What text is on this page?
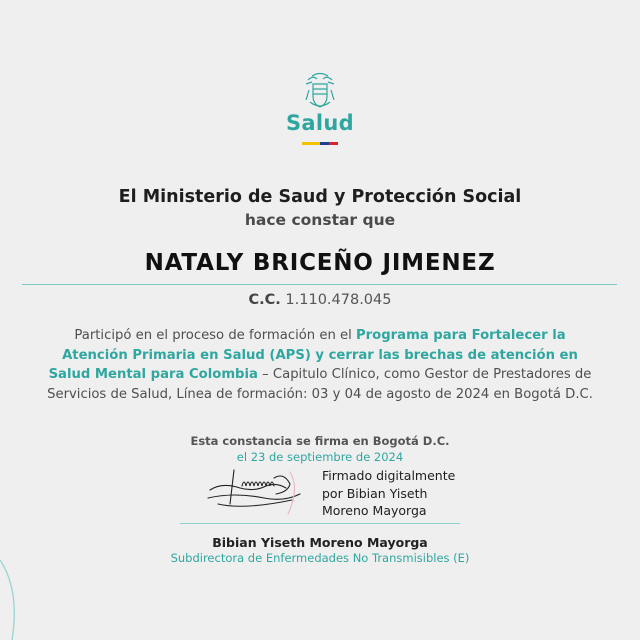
Salud
El Ministerio de Saud y Protección Social
hace constar que
NATALY BRICEÑO JIMENEZ
C.C. 1.110.478.045
Participó en el proceso de formación en el Programa para Fortalecer la Atención Primaria en Salud (APS) y cerrar las brechas de atención en Salud Mental para Colombia – Capitulo Clínico, como Gestor de Prestadores de Servicios de Salud, Línea de formación: 03 y 04 de agosto de 2024 en Bogotá D.C.
Esta constancia se firma en Bogotá D.C.
el 23 de septiembre de 2024
Firmado digitalmente
por Bibian Yiseth
Moreno Mayorga
Bibian Yiseth Moreno Mayorga
Subdirectora de Enfermedades No Transmisibles (E)
